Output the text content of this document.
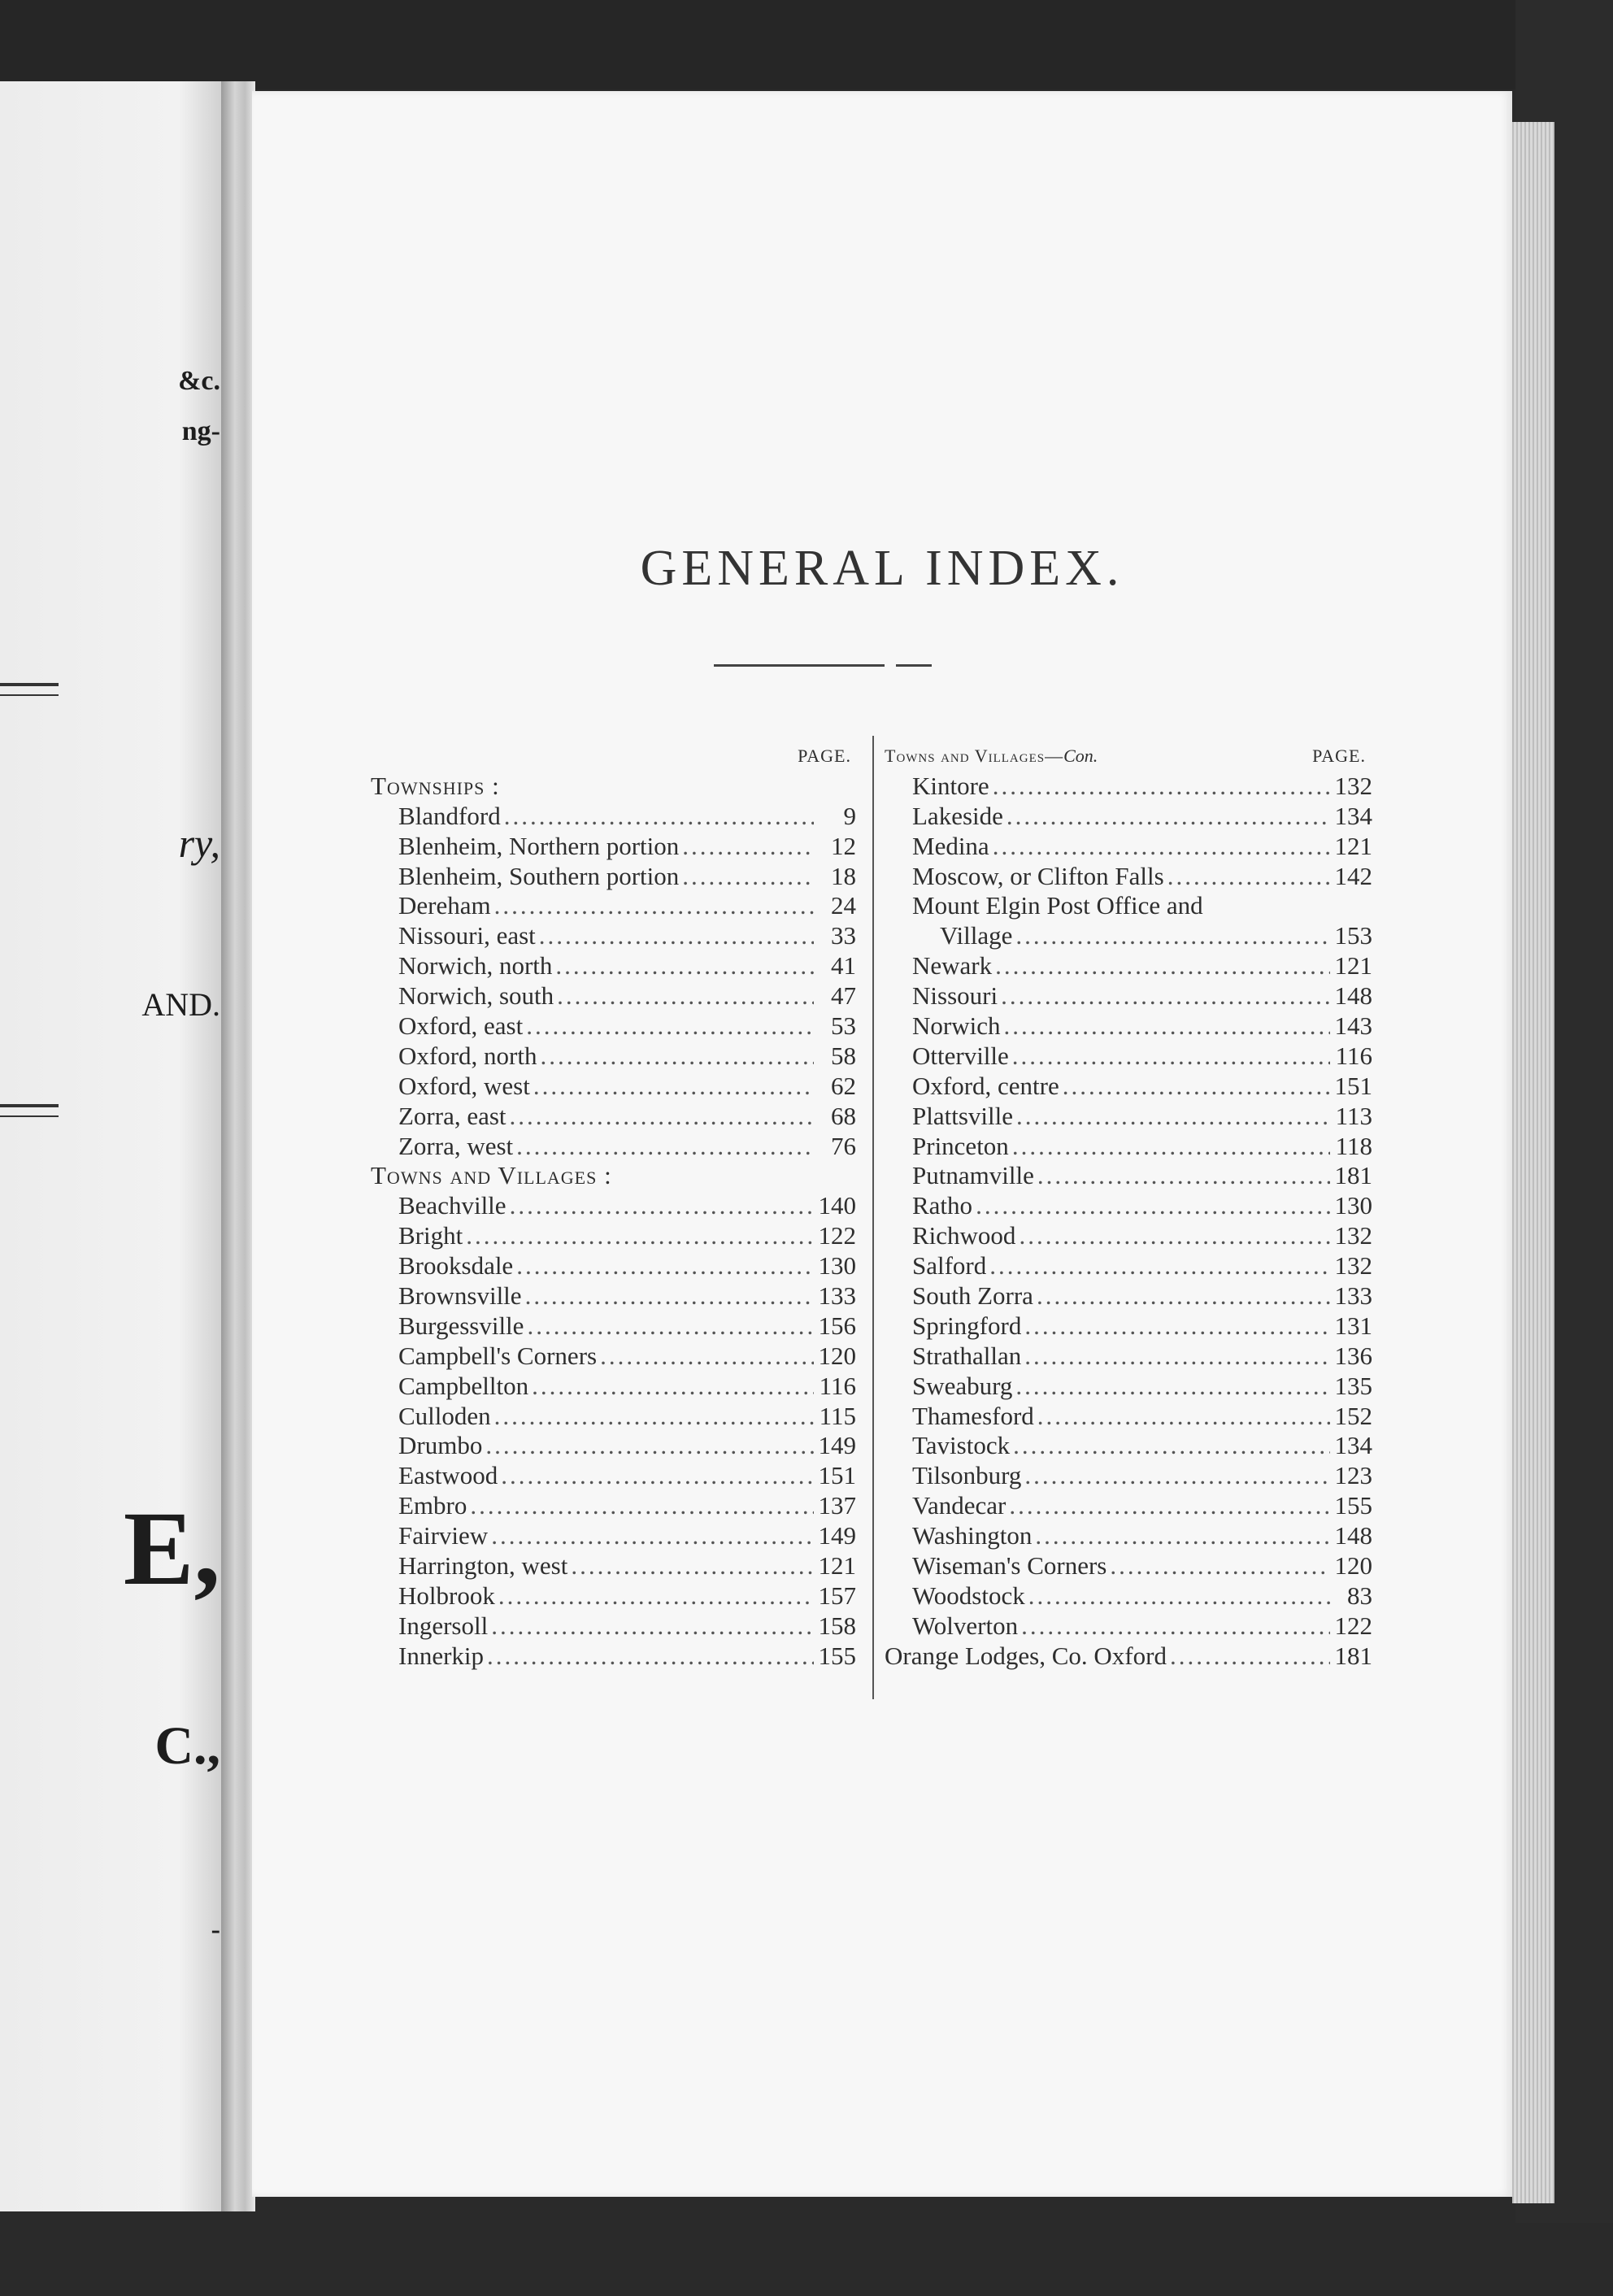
&c.
ng-
ry,
AND.
E,
C.,
-
GENERAL INDEX.
PAGE.
Townships :
Blandford .....	9
Blenheim, Northern portion .....	12
Blenheim, Southern portion .....	18
Dereham .....	24
Nissouri, east .....	33
Norwich, north .....	41
Norwich, south .....	47
Oxford, east .....	53
Oxford, north .....	58
Oxford, west .....	62
Zorra, east .....	68
Zorra, west .....	76
Towns and Villages :
Beachville .....	140
Bright .....	122
Brooksdale .....	130
Brownsville .....	133
Burgessville .....	156
Campbell's Corners .....	120
Campbellton .....	116
Culloden .....	115
Drumbo .....	149
Eastwood .....	151
Embro .....	137
Fairview .....	149
Harrington, west .....	121
Holbrook .....	157
Ingersoll .....	158
Innerkip .....	155
Towns and Villages—Con.	PAGE.
Kintore .....	132
Lakeside .....	134
Medina .....	121
Moscow, or Clifton Falls .....	142
Mount Elgin Post Office and
Village .....	153
Newark .....	121
Nissouri .....	148
Norwich .....	143
Otterville .....	116
Oxford, centre .....	151
Plattsville .....	113
Princeton .....	118
Putnamville .....	181
Ratho .....	130
Richwood .....	132
Salford .....	132
South Zorra .....	133
Springford .....	131
Strathallan .....	136
Sweaburg .....	135
Thamesford .....	152
Tavistock .....	134
Tilsonburg .....	123
Vandecar .....	155
Washington .....	148
Wiseman's Corners .....	120
Woodstock .....	83
Wolverton .....	122
Orange Lodges, Co. Oxford .....	181
